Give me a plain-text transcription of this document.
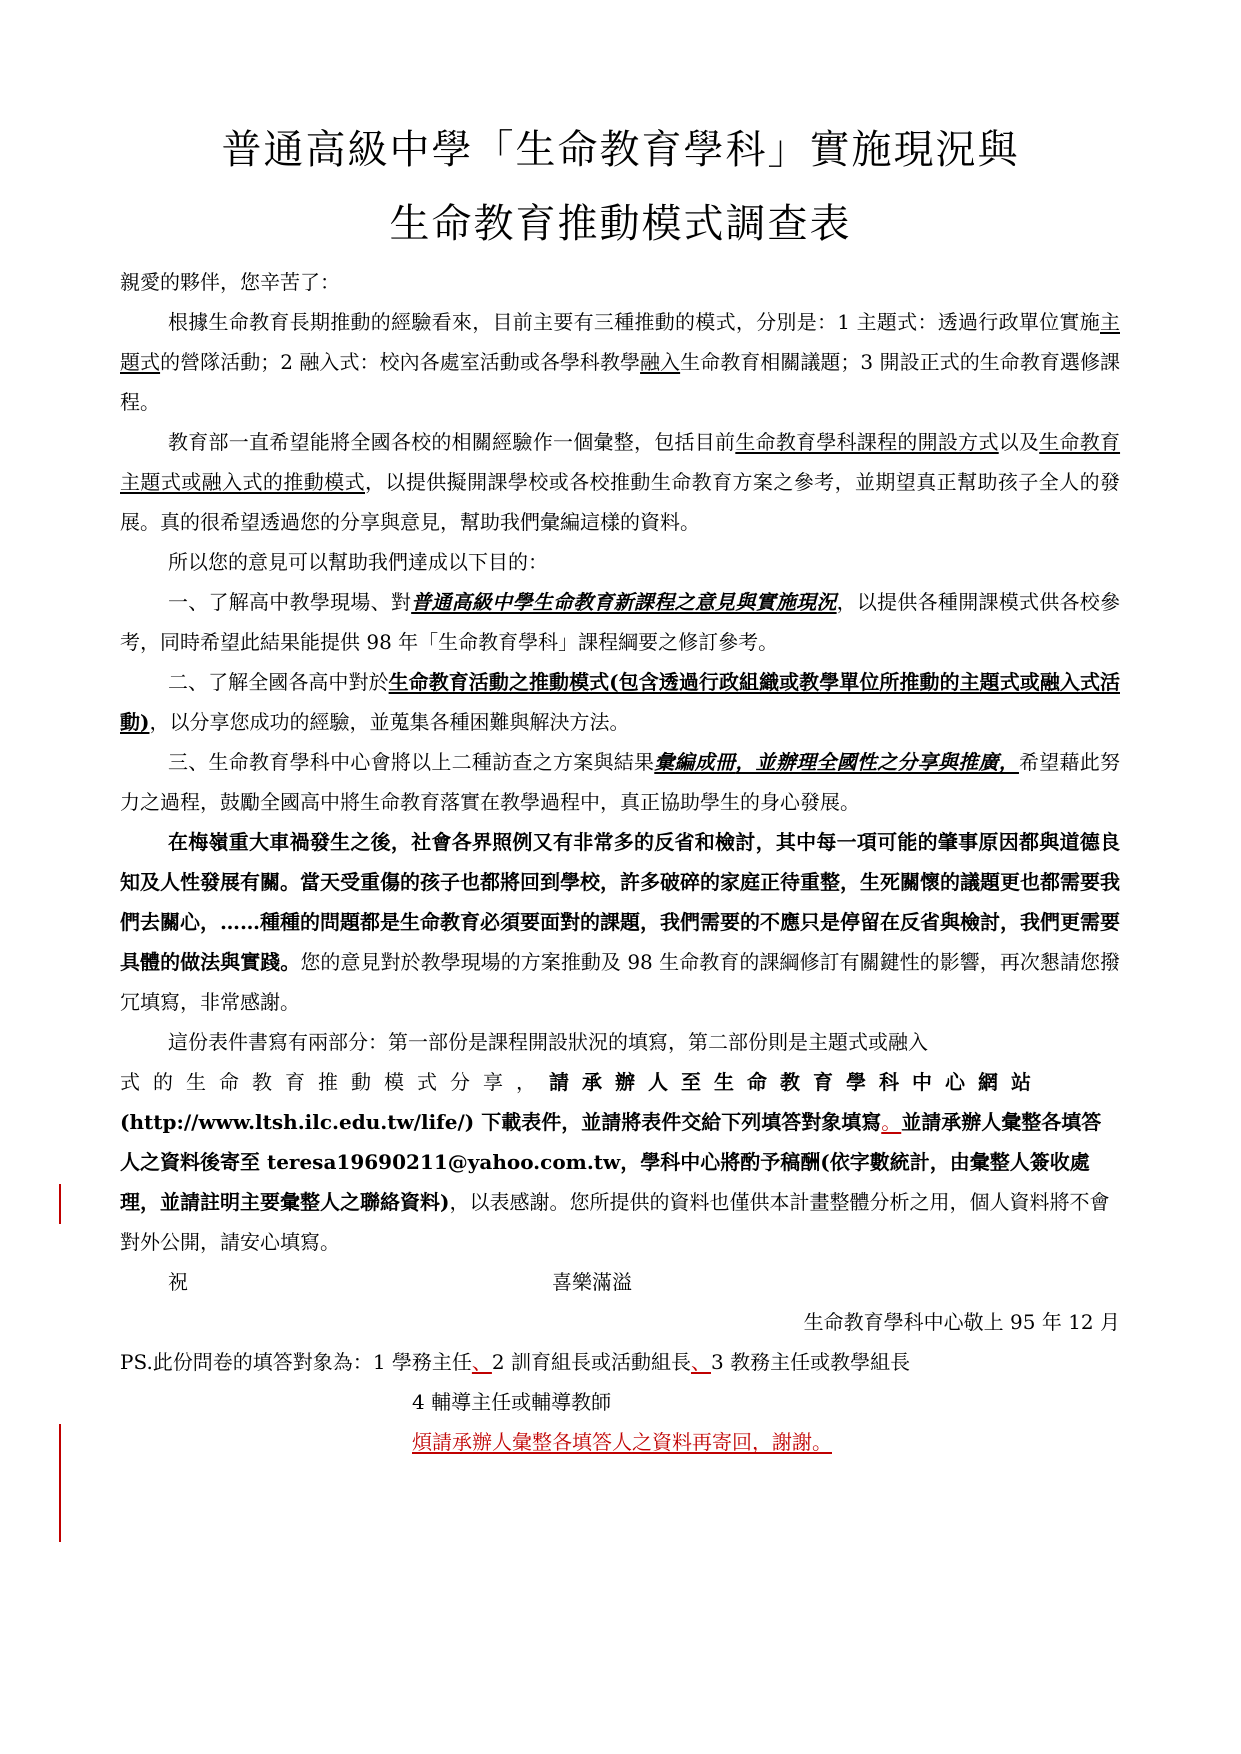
普通高級中學「生命教育學科」實施現況與
生命教育推動模式調查表

親愛的夥伴，您辛苦了：

根據生命教育長期推動的經驗看來，目前主要有三種推動的模式，分別是：1 主題式：透過行政單位實施主題式的營隊活動；2 融入式：校內各處室活動或各學科教學融入生命教育相關議題；3 開設正式的生命教育選修課程。

教育部一直希望能將全國各校的相關經驗作一個彙整，包括目前生命教育學科課程的開設方式以及生命教育主題式或融入式的推動模式，以提供擬開課學校或各校推動生命教育方案之參考，並期望真正幫助孩子全人的發展。真的很希望透過您的分享與意見，幫助我們彙編這樣的資料。

所以您的意見可以幫助我們達成以下目的：

一、了解高中教學現場、對普通高級中學生命教育新課程之意見與實施現況，以提供各種開課模式供各校參考，同時希望此結果能提供 98 年「生命教育學科」課程綱要之修訂參考。

二、了解全國各高中對於生命教育活動之推動模式(包含透過行政組織或教學單位所推動的主題式或融入式活動)，以分享您成功的經驗，並蒐集各種困難與解決方法。

三、生命教育學科中心會將以上二種訪查之方案與結果彙編成冊，並辦理全國性之分享與推廣，希望藉此努力之過程，鼓勵全國高中將生命教育落實在教學過程中，真正協助學生的身心發展。

在梅嶺重大車禍發生之後，社會各界照例又有非常多的反省和檢討，其中每一項可能的肇事原因都與道德良知及人性發展有關。當天受重傷的孩子也都將回到學校，許多破碎的家庭正待重整，生死關懷的議題更也都需要我們去關心，……種種的問題都是生命教育必須要面對的課題，我們需要的不應只是停留在反省與檢討，我們更需要具體的做法與實踐。您的意見對於教學現場的方案推動及 98 生命教育的課綱修訂有關鍵性的影響，再次懇請您撥冗填寫，非常感謝。

這份表件書寫有兩部分：第一部份是課程開設狀況的填寫，第二部份則是主題式或融入
式的生命教育推動模式分享，請承辦人至生命教育學科中心網站
(http://www.ltsh.ilc.edu.tw/life/) 下載表件，並請將表件交給下列填答對象填寫。並請承辦人彙整各填答人之資料後寄至 teresa19690211@yahoo.com.tw，學科中心將酌予稿酬(依字數統計，由彙整人簽收處理，並請註明主要彙整人之聯絡資料)，以表感謝。您所提供的資料也僅供本計畫整體分析之用，個人資料將不會對外公開，請安心填寫。

祝	喜樂滿溢

生命教育學科中心敬上 95 年 12 月

PS.此份問卷的填答對象為：1 學務主任、2 訓育組長或活動組長、3 教務主任或教學組長

4 輔導主任或輔導教師

煩請承辦人彙整各填答人之資料再寄回，謝謝。
